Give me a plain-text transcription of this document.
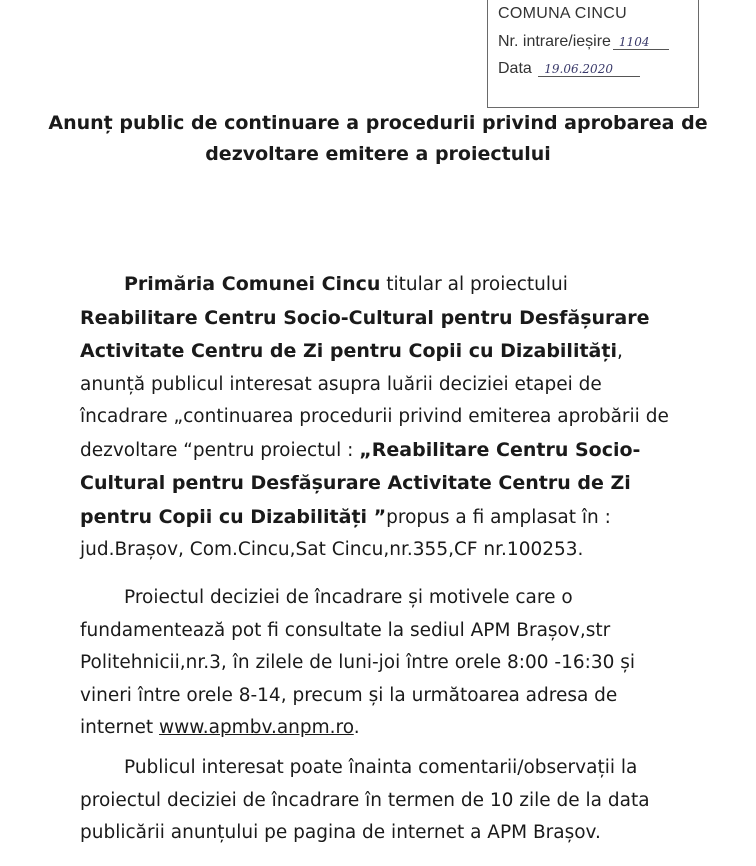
COMUNA CINCU
Nr. intrare/ieșire 1104
Data 19.06.2020
Anunț public de continuare a procedurii privind aprobarea de
dezvoltare emitere a proiectului

Primăria Comunei Cincu titular al proiectului Reabilitare Centru Socio-Cultural pentru Desfășurare Activitate Centru de Zi pentru Copii cu Dizabilități, anunță publicul interesat asupra luării deciziei etapei de încadrare „continuarea procedurii privind emiterea aprobării de dezvoltare “pentru proiectul : „Reabilitare Centru Socio-Cultural pentru Desfășurare Activitate Centru de Zi pentru Copii cu Dizabilități ”propus a fi amplasat în : jud.Brașov, Com.Cincu,Sat Cincu,nr.355,CF nr.100253.

Proiectul deciziei de încadrare și motivele care o fundamentează pot fi consultate la sediul APM Brașov,str Politehnicii,nr.3, în zilele de luni-joi între orele 8:00 -16:30 și vineri între orele 8-14, precum și la următoarea adresa de internet www.apmbv.anpm.ro.

Publicul interesat poate înainta comentarii/observații la proiectul deciziei de încadrare în termen de 10 zile de la data publicării anunțului pe pagina de internet a APM Brașov.
